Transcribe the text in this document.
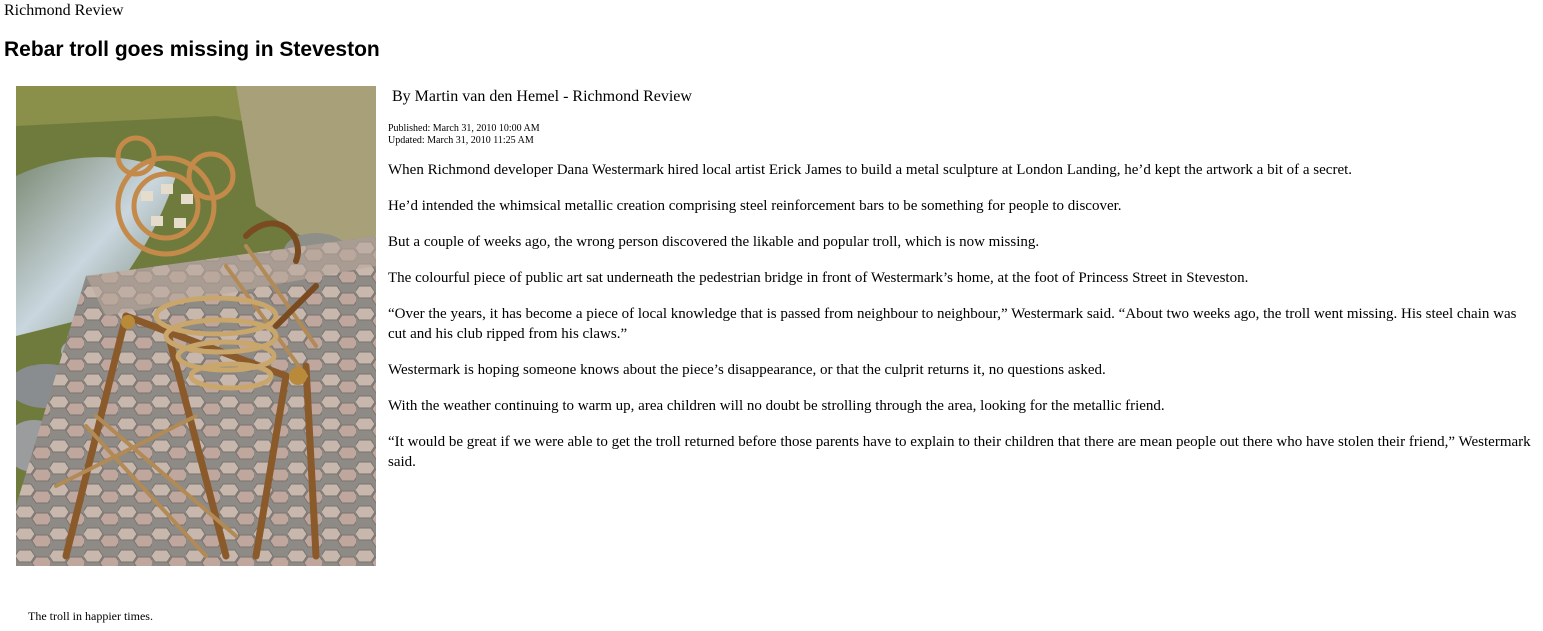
Richmond Review
Rebar troll goes missing in Steveston
The troll in happier times.

By Martin van den Hemel - Richmond Review

Published: March 31, 2010 10:00 AM
Updated: March 31, 2010 11:25 AM

When Richmond developer Dana Westermark hired local artist Erick James to build a metal sculpture at London Landing, he’d kept the artwork a bit of a secret.

He’d intended the whimsical metallic creation comprising steel reinforcement bars to be something for people to discover.

But a couple of weeks ago, the wrong person discovered the likable and popular troll, which is now missing.

The colourful piece of public art sat underneath the pedestrian bridge in front of Westermark’s home, at the foot of Princess Street in Steveston.

“Over the years, it has become a piece of local knowledge that is passed from neighbour to neighbour,” Westermark said. “About two weeks ago, the troll went missing. His steel chain was cut and his club ripped from his claws.”

Westermark is hoping someone knows about the piece’s disappearance, or that the culprit returns it, no questions asked.

With the weather continuing to warm up, area children will no doubt be strolling through the area, looking for the metallic friend.

“It would be great if we were able to get the troll returned before those parents have to explain to their children that there are mean people out there who have stolen their friend,” Westermark said.
